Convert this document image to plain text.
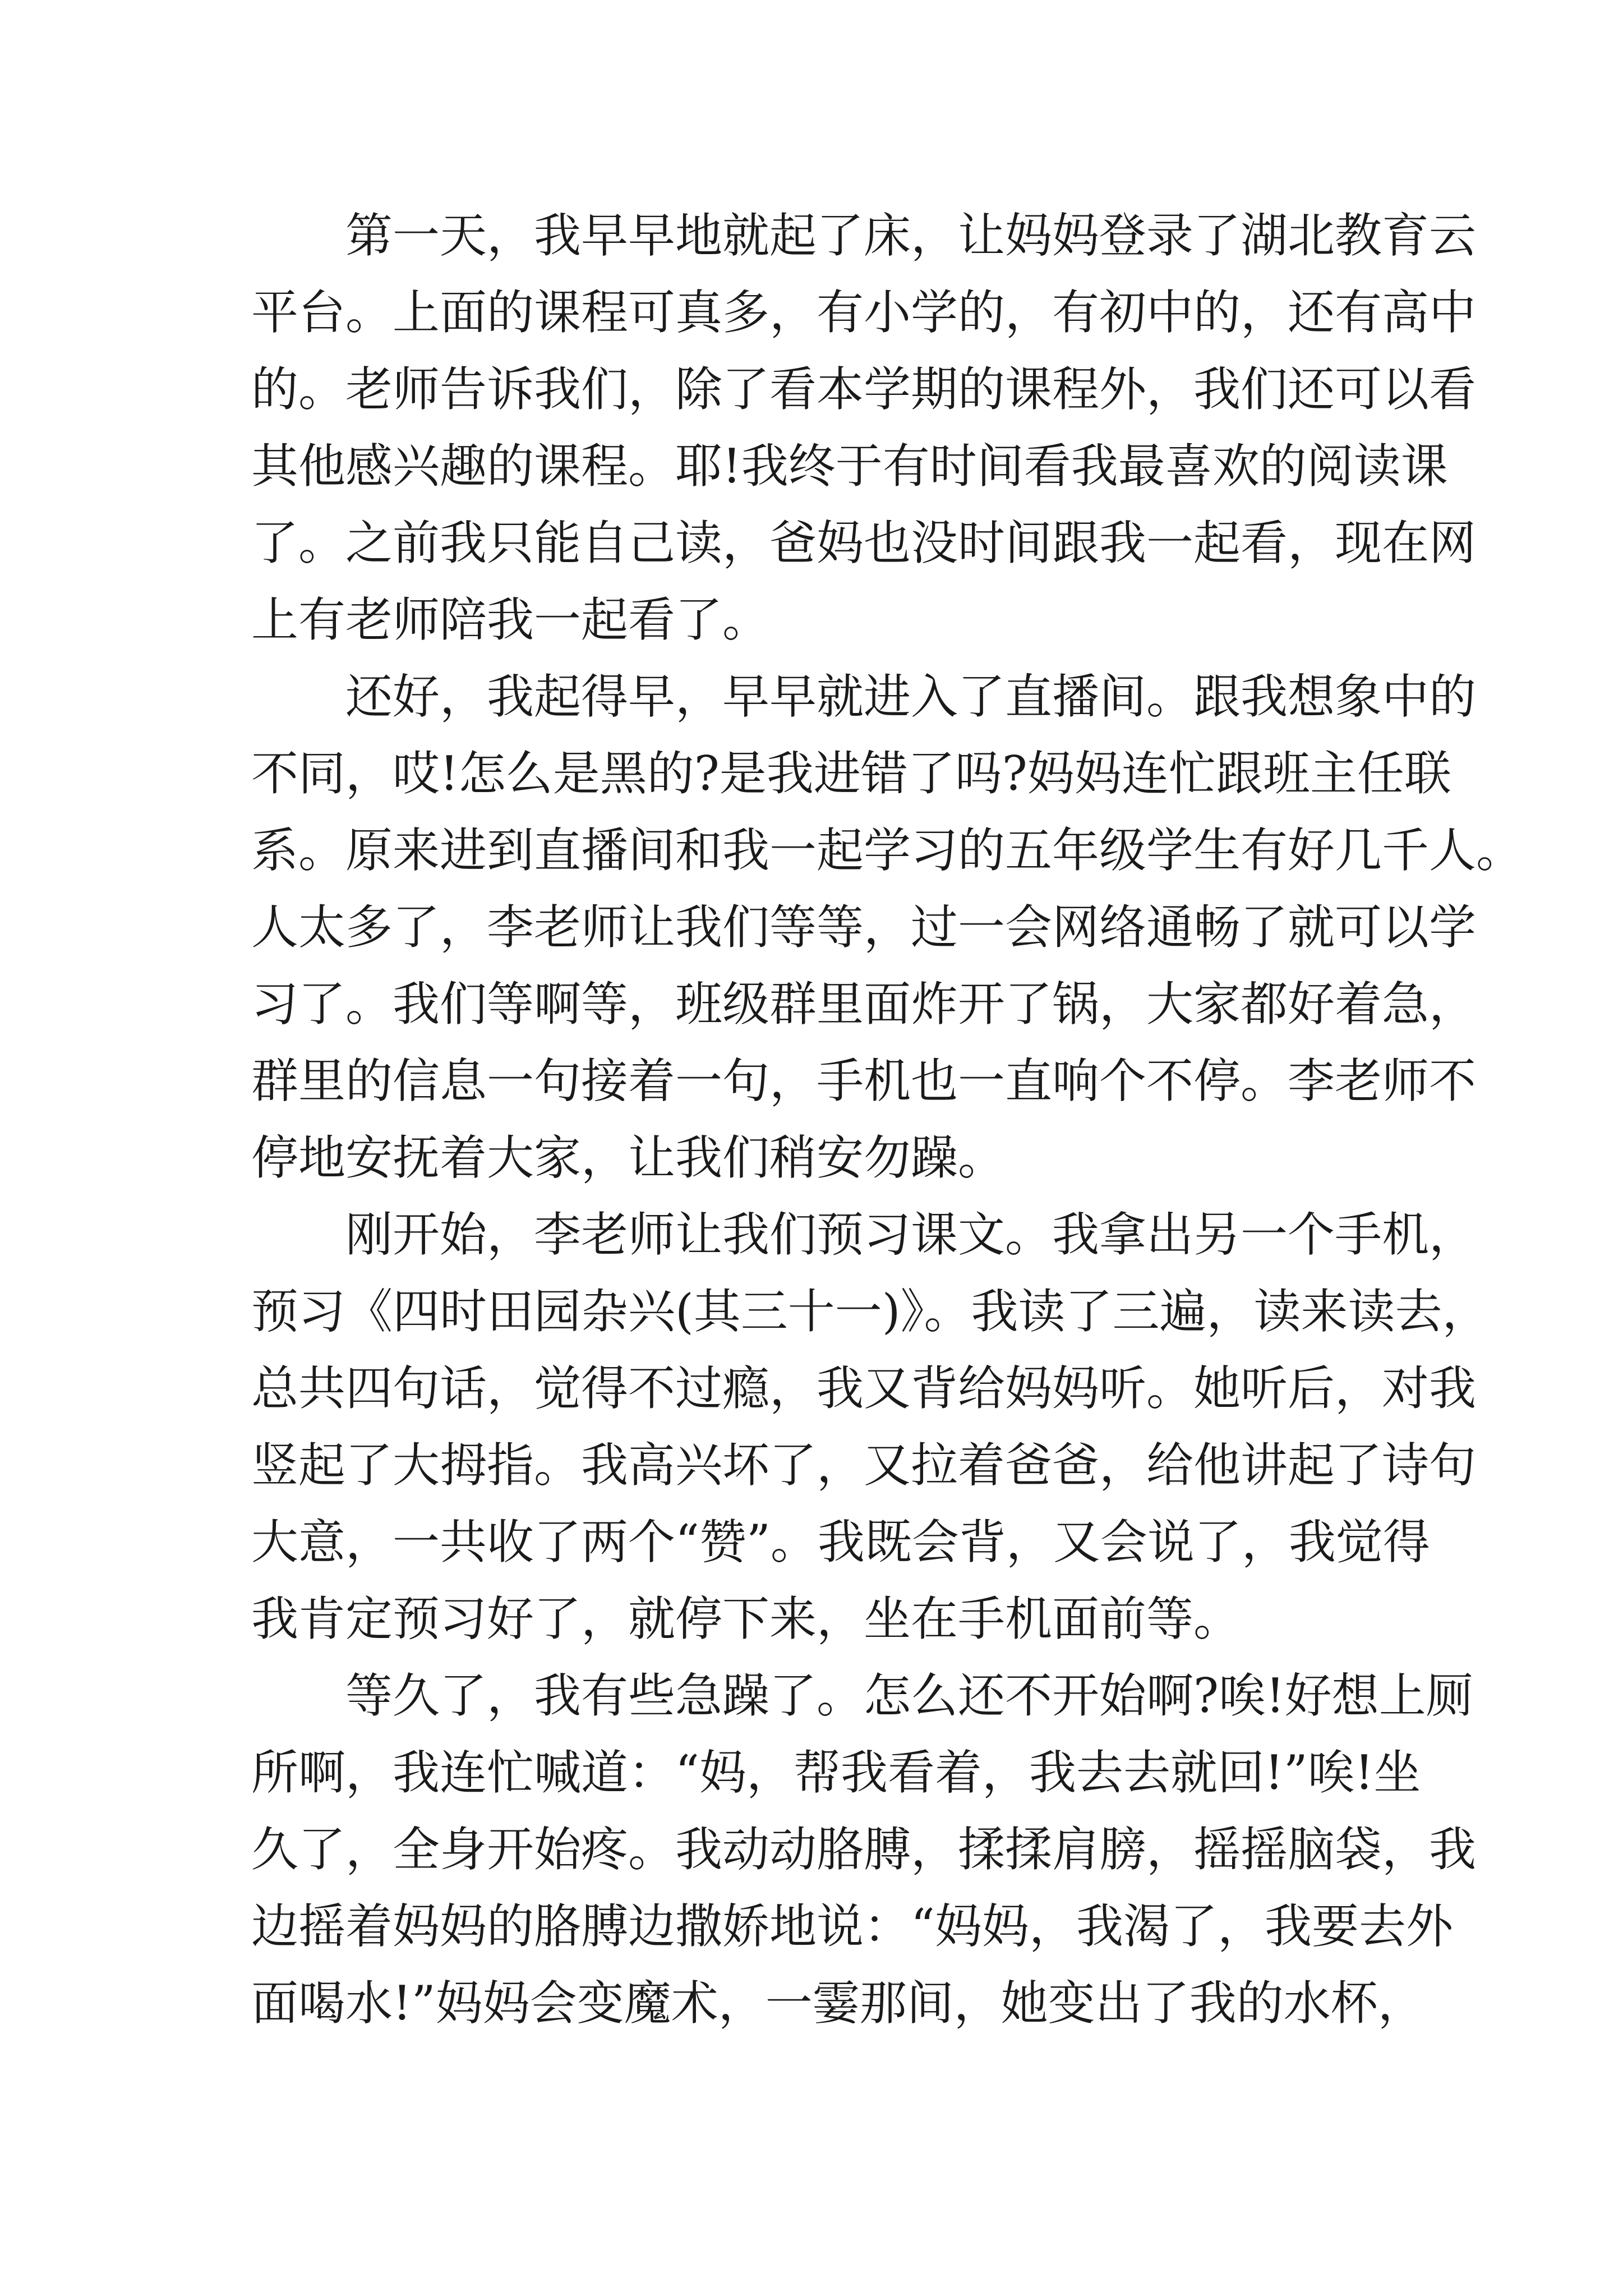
第一天，我早早地就起了床，让妈妈登录了湖北教育云
平台。上面的课程可真多，有小学的，有初中的，还有高中
的。老师告诉我们，除了看本学期的课程外，我们还可以看
其他感兴趣的课程。耶!我终于有时间看我最喜欢的阅读课
了。之前我只能自己读，爸妈也没时间跟我一起看，现在网
上有老师陪我一起看了。
还好，我起得早，早早就进入了直播间。跟我想象中的
不同，哎!怎么是黑的?是我进错了吗?妈妈连忙跟班主任联
系。原来进到直播间和我一起学习的五年级学生有好几千人。
人太多了，李老师让我们等等，过一会网络通畅了就可以学
习了。我们等啊等，班级群里面炸开了锅，大家都好着急，
群里的信息一句接着一句，手机也一直响个不停。李老师不
停地安抚着大家，让我们稍安勿躁。
刚开始，李老师让我们预习课文。我拿出另一个手机，
预习《四时田园杂兴(其三十一)》。我读了三遍，读来读去，
总共四句话，觉得不过瘾，我又背给妈妈听。她听后，对我
竖起了大拇指。我高兴坏了，又拉着爸爸，给他讲起了诗句
大意，一共收了两个“赞”。我既会背，又会说了，我觉得
我肯定预习好了，就停下来，坐在手机面前等。
等久了，我有些急躁了。怎么还不开始啊?唉!好想上厕
所啊，我连忙喊道：“妈，帮我看着，我去去就回!”唉!坐
久了，全身开始疼。我动动胳膊，揉揉肩膀，摇摇脑袋，我
边摇着妈妈的胳膊边撒娇地说：“妈妈，我渴了，我要去外
面喝水!”妈妈会变魔术，一霎那间，她变出了我的水杯，
